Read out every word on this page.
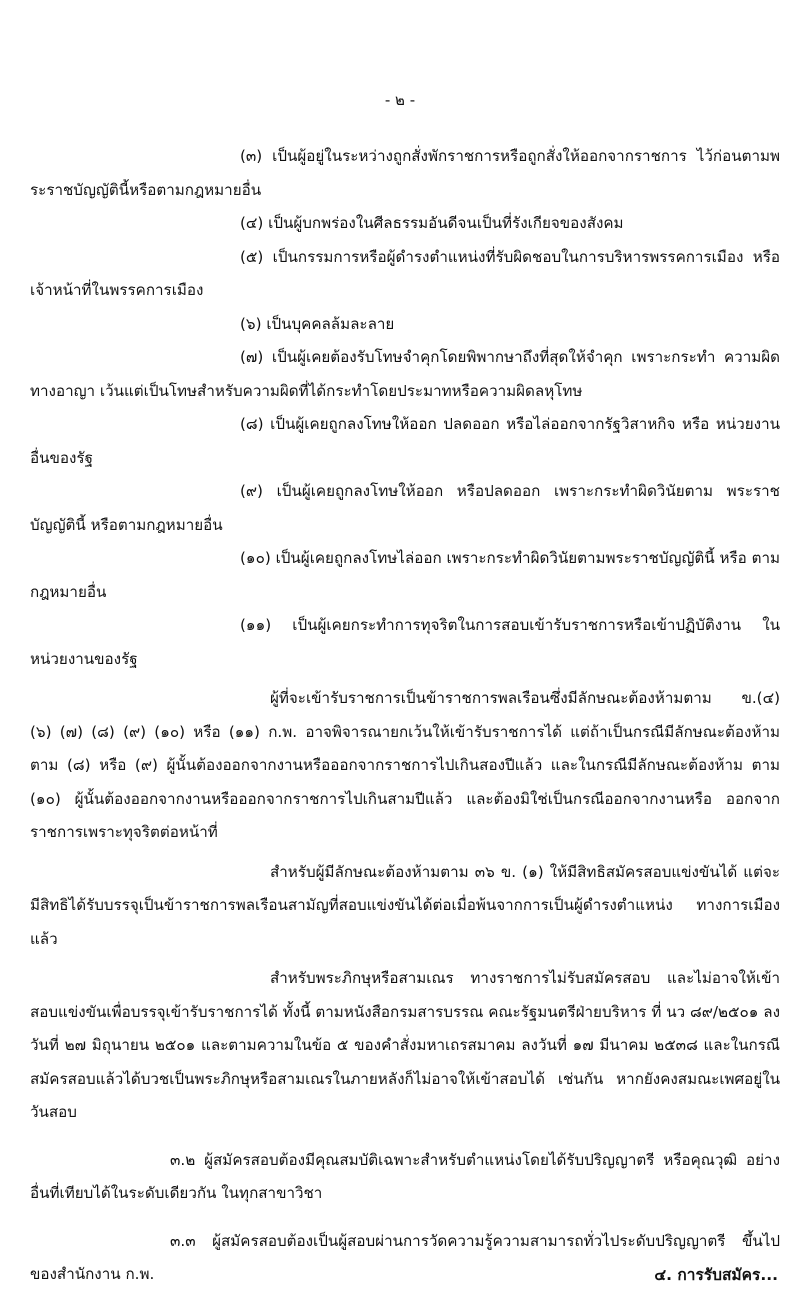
- ๒ -

(๓) เป็นผู้อยู่ในระหว่างถูกสั่งพักราชการหรือถูกสั่งให้ออกจากราชการ ไว้ก่อนตามพระราชบัญญัตินี้หรือตามกฎหมายอื่น

(๔) เป็นผู้บกพร่องในศีลธรรมอันดีจนเป็นที่รังเกียจของสังคม

(๕) เป็นกรรมการหรือผู้ดำรงตำแหน่งที่รับผิดชอบในการบริหารพรรคการเมือง หรือเจ้าหน้าที่ในพรรคการเมือง

(๖) เป็นบุคคลล้มละลาย

(๗) เป็นผู้เคยต้องรับโทษจำคุกโดยพิพากษาถึงที่สุดให้จำคุก เพราะกระทำ ความผิดทางอาญา เว้นแต่เป็นโทษสำหรับความผิดที่ได้กระทำโดยประมาทหรือความผิดลหุโทษ

(๘) เป็นผู้เคยถูกลงโทษให้ออก ปลดออก หรือไล่ออกจากรัฐวิสาหกิจ หรือ หน่วยงานอื่นของรัฐ

(๙) เป็นผู้เคยถูกลงโทษให้ออก หรือปลดออก เพราะกระทำผิดวินัยตาม พระราชบัญญัตินี้ หรือตามกฎหมายอื่น

(๑๐) เป็นผู้เคยถูกลงโทษไล่ออก เพราะกระทำผิดวินัยตามพระราชบัญญัตินี้ หรือ ตามกฎหมายอื่น

(๑๑) เป็นผู้เคยกระทำการทุจริตในการสอบเข้ารับราชการหรือเข้าปฏิบัติงาน ในหน่วยงานของรัฐ

ผู้ที่จะเข้ารับราชการเป็นข้าราชการพลเรือนซึ่งมีลักษณะต้องห้ามตาม ข.(๔) (๖) (๗) (๘) (๙) (๑๐) หรือ (๑๑) ก.พ. อาจพิจารณายกเว้นให้เข้ารับราชการได้ แต่ถ้าเป็นกรณีมีลักษณะต้องห้าม ตาม (๘) หรือ (๙) ผู้นั้นต้องออกจากงานหรือออกจากราชการไปเกินสองปีแล้ว และในกรณีมีลักษณะต้องห้าม ตาม (๑๐) ผู้นั้นต้องออกจากงานหรือออกจากราชการไปเกินสามปีแล้ว และต้องมิใช่เป็นกรณีออกจากงานหรือ ออกจากราชการเพราะทุจริตต่อหน้าที่

สำหรับผู้มีลักษณะต้องห้ามตาม ๓๖ ข. (๑) ให้มีสิทธิสมัครสอบแข่งขันได้ แต่จะมีสิทธิได้รับบรรจุเป็นข้าราชการพลเรือนสามัญที่สอบแข่งขันได้ต่อเมื่อพ้นจากการเป็นผู้ดำรงตำแหน่ง ทางการเมืองแล้ว

สำหรับพระภิกษุหรือสามเณร ทางราชการไม่รับสมัครสอบ และไม่อาจให้เข้า สอบแข่งขันเพื่อบรรจุเข้ารับราชการได้ ทั้งนี้ ตามหนังสือกรมสารบรรณ คณะรัฐมนตรีฝ่ายบริหาร ที่ นว ๘๙/๒๕๐๑ ลงวันที่ ๒๗ มิถุนายน ๒๕๐๑ และตามความในข้อ ๕ ของคำสั่งมหาเถรสมาคม ลงวันที่ ๑๗ มีนาคม ๒๕๓๘ และในกรณีสมัครสอบแล้วได้บวชเป็นพระภิกษุหรือสามเณรในภายหลังก็ไม่อาจให้เข้าสอบได้ เช่นกัน หากยังคงสมณะเพศอยู่ในวันสอบ

๓.๒ ผู้สมัครสอบต้องมีคุณสมบัติเฉพาะสำหรับตำแหน่งโดยได้รับปริญญาตรี หรือคุณวุฒิ อย่างอื่นที่เทียบได้ในระดับเดียวกัน ในทุกสาขาวิชา

๓.๓ ผู้สมัครสอบต้องเป็นผู้สอบผ่านการวัดความรู้ความสามารถทั่วไประดับปริญญาตรี ขึ้นไปของสำนักงาน ก.พ.	๔. การรับสมัคร...
